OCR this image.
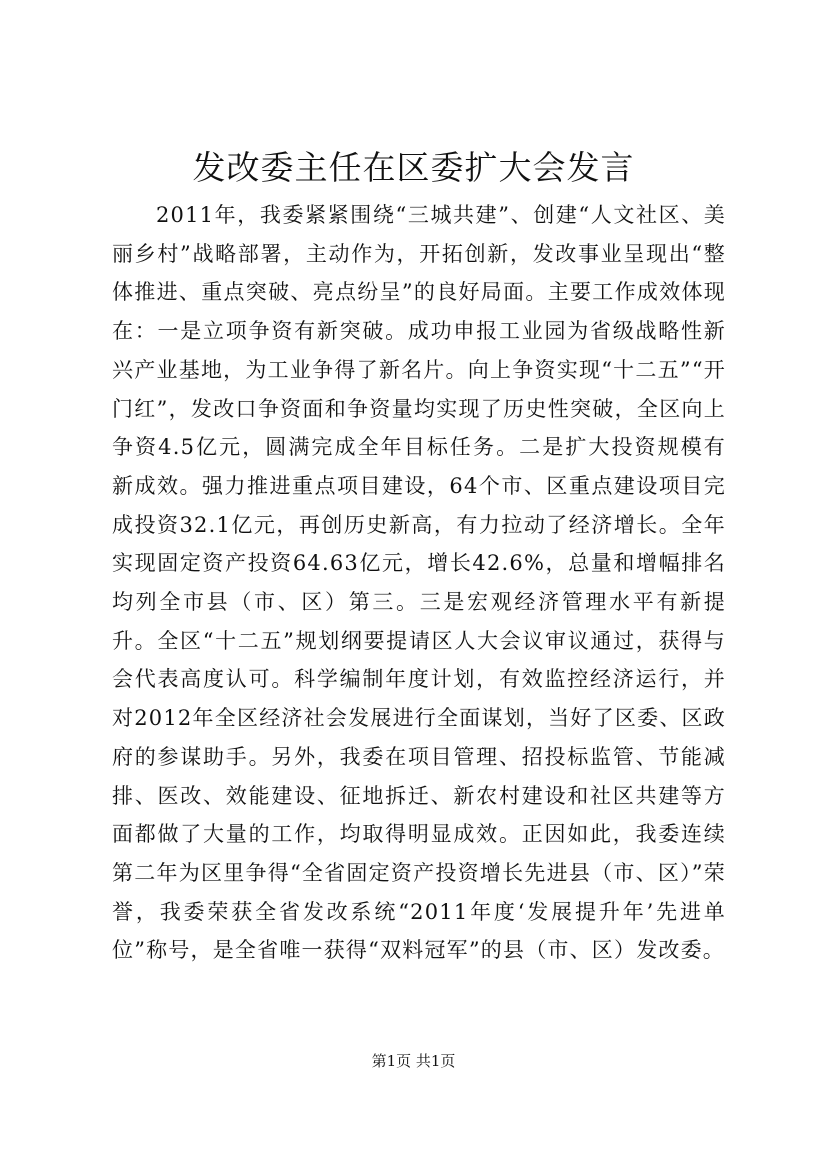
发改委主任在区委扩大会发言

2011年，我委紧紧围绕“三城共建”、创建“人文社区、美丽乡村”战略部署，主动作为，开拓创新，发改事业呈现出“整体推进、重点突破、亮点纷呈”的良好局面。主要工作成效体现在：一是立项争资有新突破。成功申报工业园为省级战略性新兴产业基地，为工业争得了新名片。向上争资实现“十二五”“开门红”，发改口争资面和争资量均实现了历史性突破，全区向上争资4.5亿元，圆满完成全年目标任务。二是扩大投资规模有新成效。强力推进重点项目建设，64个市、区重点建设项目完成投资32.1亿元，再创历史新高，有力拉动了经济增长。全年实现固定资产投资64.63亿元，增长42.6%，总量和增幅排名均列全市县（市、区）第三。三是宏观经济管理水平有新提升。全区“十二五”规划纲要提请区人大会议审议通过，获得与会代表高度认可。科学编制年度计划，有效监控经济运行，并对2012年全区经济社会发展进行全面谋划，当好了区委、区政府的参谋助手。另外，我委在项目管理、招投标监管、节能减排、医改、效能建设、征地拆迁、新农村建设和社区共建等方面都做了大量的工作，均取得明显成效。正因如此，我委连续第二年为区里争得“全省固定资产投资增长先进县（市、区）”荣誉，我委荣获全省发改系统“2011年度‘发展提升年’先进单位”称号，是全省唯一获得“双料冠军”的县（市、区）发改委。

第1页 共1页
